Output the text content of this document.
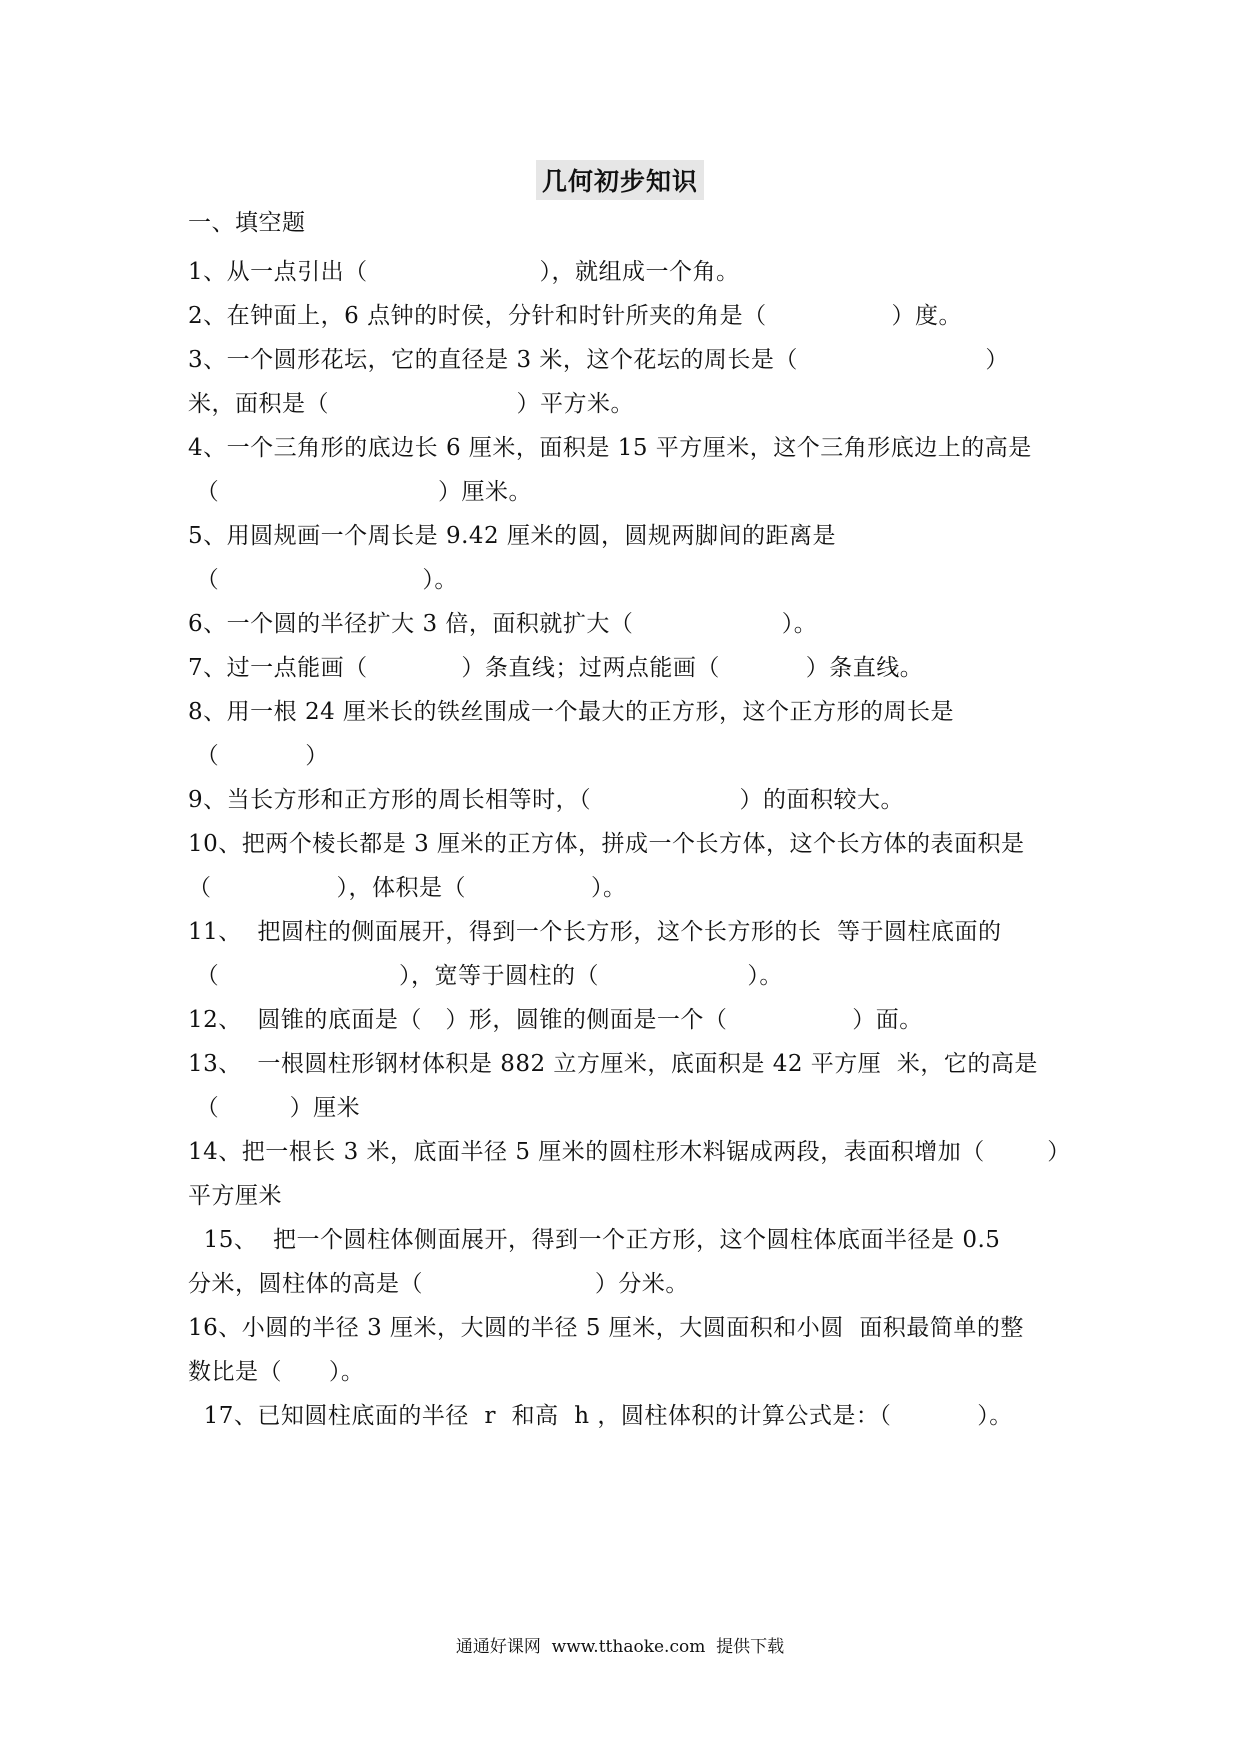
几何初步知识
一、填空题
1、从一点引出（                      ），就组成一个角。
2、在钟面上，6 点钟的时侯，分针和时针所夹的角是（                ）度。
3、一个圆形花坛，它的直径是 3 米，这个花坛的周长是（                        ）
米，面积是（                        ）平方米。
4、一个三角形的底边长 6 厘米，面积是 15 平方厘米，这个三角形底边上的高是
（                            ）厘米。
5、用圆规画一个周长是 9.42 厘米的圆，圆规两脚间的距离是
（                          ）。
6、一个圆的半径扩大 3 倍，面积就扩大（                   ）。
7、过一点能画（            ）条直线；过两点能画（           ）条直线。
8、用一根 24 厘米长的铁丝围成一个最大的正方形，这个正方形的周长是
（           ）
9、当长方形和正方形的周长相等时，（                   ）的面积较大。
10、把两个棱长都是 3 厘米的正方体，拼成一个长方体，这个长方体的表面积是
（                ），体积是（                ）。
11、  把圆柱的侧面展开，得到一个长方形，这个长方形的长  等于圆柱底面的
（                       ），宽等于圆柱的（                   ）。
12、  圆锥的底面是（   ）形，圆锥的侧面是一个（                ）面。
13、  一根圆柱形钢材体积是 882 立方厘米，底面积是 42 平方厘  米，它的高是
（         ）厘米
14、把一根长 3 米，底面半径 5 厘米的圆柱形木料锯成两段，表面积增加（        ）
平方厘米
15、  把一个圆柱体侧面展开，得到一个正方形，这个圆柱体底面半径是 0.5
分米，圆柱体的高是（                      ）分米。
16、小圆的半径 3 厘米，大圆的半径 5 厘米，大圆面积和小圆  面积最简单的整
数比是（      ）。
17、已知圆柱底面的半径  r  和高  h ，圆柱体积的计算公式是：（           ）。
通通好课网  www.tthaoke.com  提供下载
